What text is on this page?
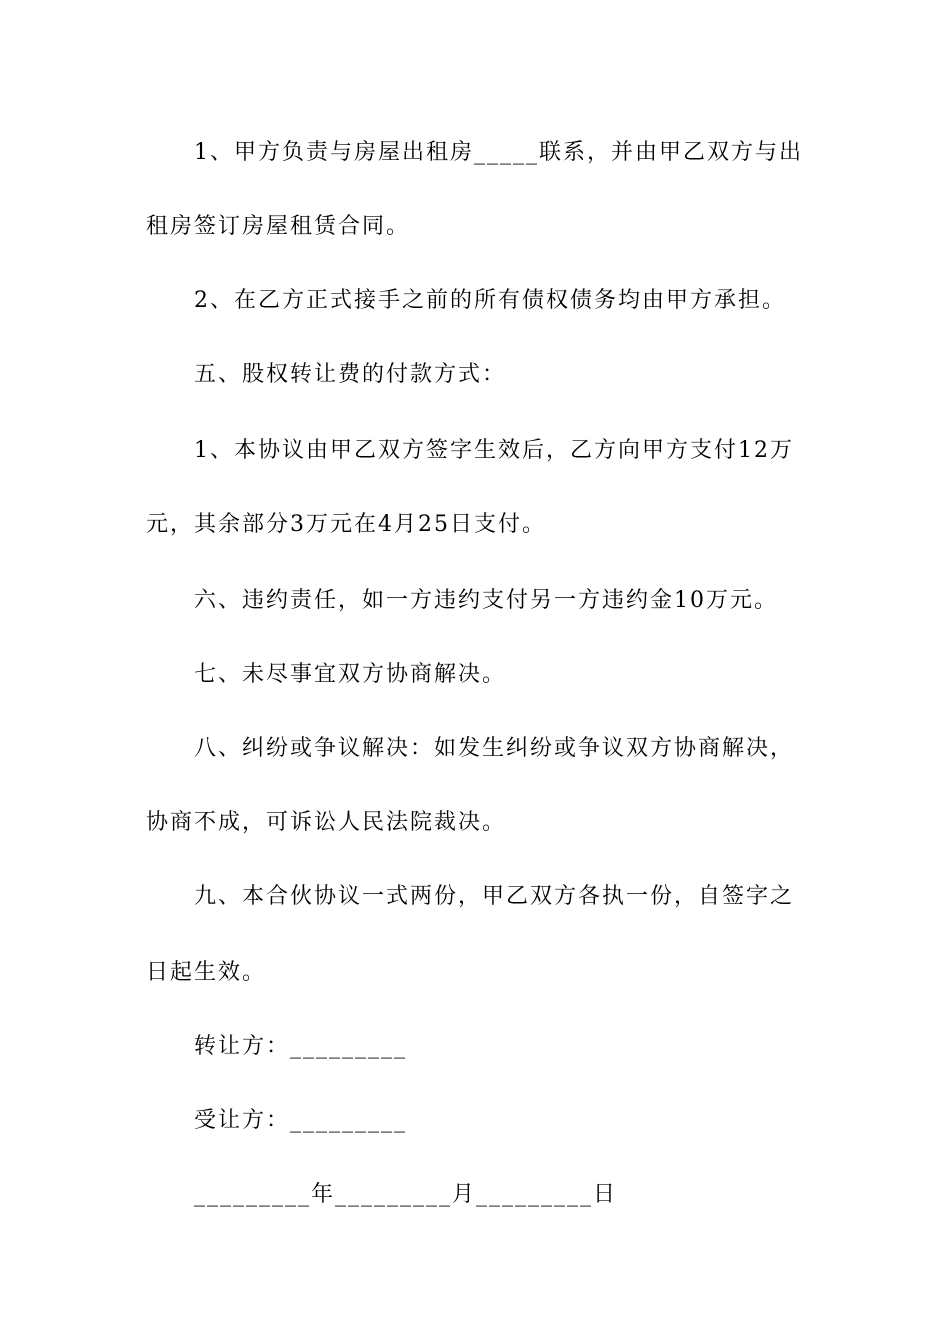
1、甲方负责与房屋出租房_____联系，并由甲乙双方与出
租房签订房屋租赁合同。
2、在乙方正式接手之前的所有债权债务均由甲方承担。
五、股权转让费的付款方式：
1、本协议由甲乙双方签字生效后，乙方向甲方支付12万
元，其余部分3万元在4月25日支付。
六、违约责任，如一方违约支付另一方违约金10万元。
七、未尽事宜双方协商解决。
八、纠纷或争议解决：如发生纠纷或争议双方协商解决，
协商不成，可诉讼人民法院裁决。
九、本合伙协议一式两份，甲乙双方各执一份，自签字之
日起生效。
转让方：_________
受让方：_________
_________年_________月_________日
